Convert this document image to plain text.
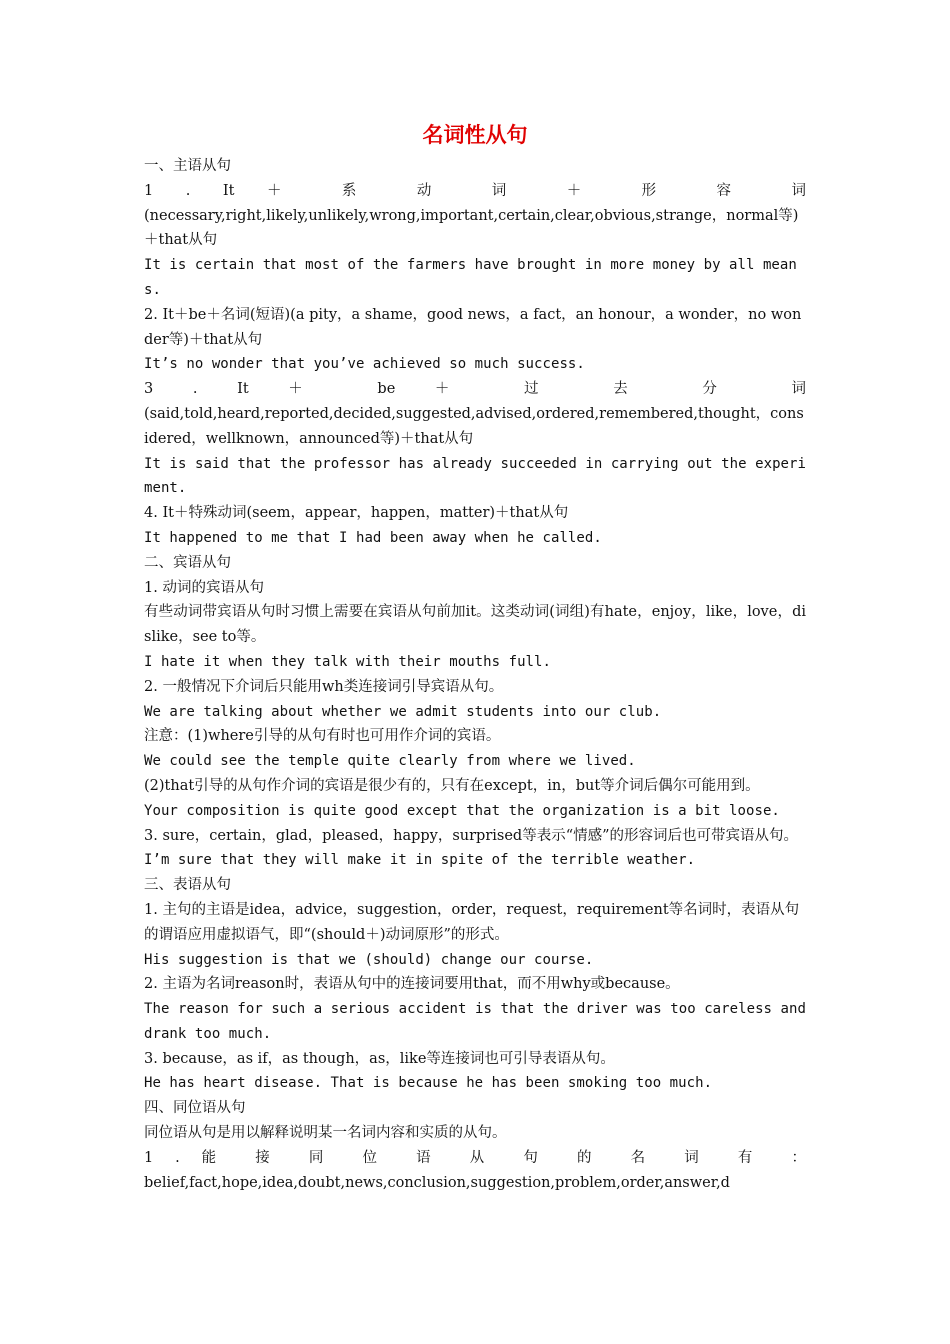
名词性从句

一、主语从句

1 . It ＋ 系 动 词 ＋ 形 容 词

(necessary,right,likely,unlikely,wrong,important,certain,clear,obvious,strange，normal等)＋that从句

It is certain that most of the farmers have brought in more money by all means.

2. It＋be＋名词(短语)(a pity，a shame，good news，a fact，an honour，a wonder，no wonder等)＋that从句

It’s no wonder that you’ve achieved so much success.

3 . It ＋ be ＋ 过 去 分 词

(said,told,heard,reported,decided,suggested,advised,ordered,remembered,thought，considered，wellknown，announced等)＋that从句

It is said that the professor has already succeeded in carrying out the experiment.

4. It＋特殊动词(seem，appear，happen，matter)＋that从句

It happened to me that I had been away when he called.

二、宾语从句

1. 动词的宾语从句

有些动词带宾语从句时习惯上需要在宾语从句前加it。这类动词(词组)有hate，enjoy，like，love，dislike，see to等。

I hate it when they talk with their mouths full.

2. 一般情况下介词后只能用wh类连接词引导宾语从句。

We are talking about whether we admit students into our club.

注意：(1)where引导的从句有时也可用作介词的宾语。

We could see the temple quite clearly from where we lived.

(2)that引导的从句作介词的宾语是很少有的，只有在except，in，but等介词后偶尔可能用到。

Your composition is quite good except that the organization is a bit loose.

3. sure，certain，glad，pleased，happy，surprised等表示“情感”的形容词后也可带宾语从句。

I’m sure that they will make it in spite of the terrible weather.

三、表语从句

1. 主句的主语是idea，advice，suggestion，order，request，requirement等名词时，表语从句的谓语应用虚拟语气，即“(should＋)动词原形”的形式。

His suggestion is that we (should) change our course.

2. 主语为名词reason时，表语从句中的连接词要用that，而不用why或because。

The reason for such a serious accident is that the driver was too careless and drank too much.

3. because，as if，as though，as，like等连接词也可引导表语从句。

He has heart disease. That is because he has been smoking too much.

四、同位语从句

同位语从句是用以解释说明某一名词内容和实质的从句。

1 . 能 接 同 位 语 从 句 的 名 词 有 ：

belief,fact,hope,idea,doubt,news,conclusion,suggestion,problem,order,answer,d
